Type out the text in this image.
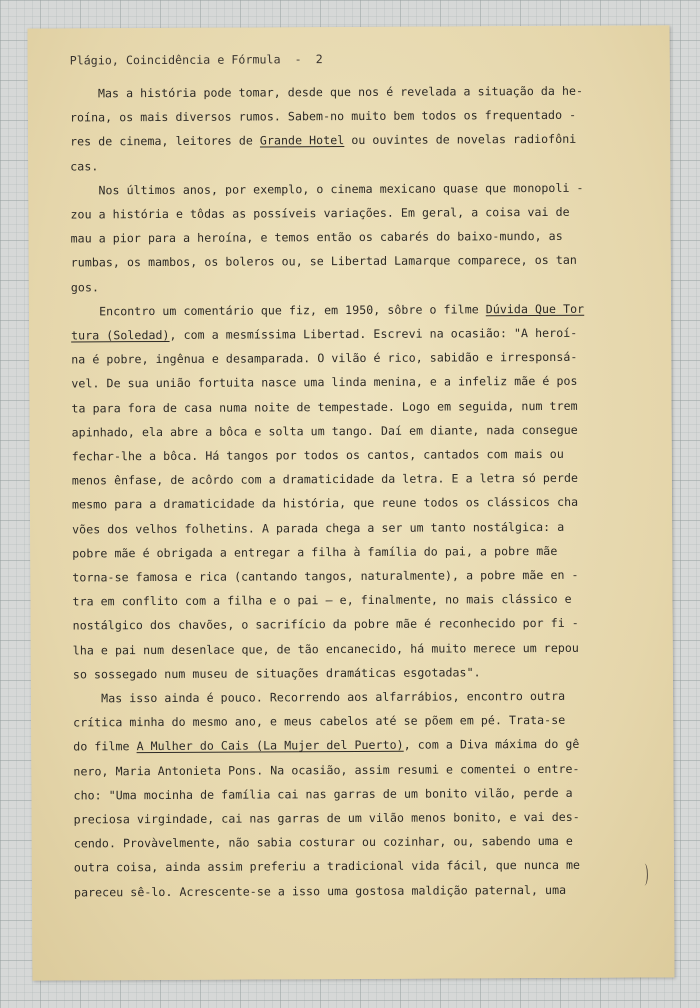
Plágio, Coincidência e Fórmula  -  2
Mas a história pode tomar, desde que nos é revelada a situação da he-
roína, os mais diversos rumos. Sabem-no muito bem todos os frequentado -
res de cinema, leitores de Grande Hotel ou ouvintes de novelas radiofôni
cas.
Nos últimos anos, por exemplo, o cinema mexicano quase que monopoli -
zou a história e tôdas as possíveis variações. Em geral, a coisa vai de
mau a pior para a heroína, e temos então os cabarés do baixo-mundo, as
rumbas, os mambos, os boleros ou, se Libertad Lamarque comparece, os tan
gos.
Encontro um comentário que fiz, em 1950, sôbre o filme Dúvida Que Tor
tura (Soledad), com a mesmíssima Libertad. Escrevi na ocasião: "A heroí-
na é pobre, ingênua e desamparada. O vilão é rico, sabidão e irresponsá-
vel. De sua união fortuita nasce uma linda menina, e a infeliz mãe é pos
ta para fora de casa numa noite de tempestade. Logo em seguida, num trem
apinhado, ela abre a bôca e solta um tango. Daí em diante, nada consegue
fechar-lhe a bôca. Há tangos por todos os cantos, cantados com mais ou
menos ênfase, de acôrdo com a dramaticidade da letra. E a letra só perde
mesmo para a dramaticidade da história, que reune todos os clássicos cha
vões dos velhos folhetins. A parada chega a ser um tanto nostálgica: a
pobre mãe é obrigada a entregar a filha à família do pai, a pobre mãe
torna-se famosa e rica (cantando tangos, naturalmente), a pobre mãe en -
tra em conflito com a filha e o pai — e, finalmente, no mais clássico e
nostálgico dos chavões, o sacrifício da pobre mãe é reconhecido por fi -
lha e pai num desenlace que, de tão encanecido, há muito merece um repou
so sossegado num museu de situações dramáticas esgotadas".
Mas isso ainda é pouco. Recorrendo aos alfarrábios, encontro outra
crítica minha do mesmo ano, e meus cabelos até se põem em pé. Trata-se
do filme A Mulher do Cais (La Mujer del Puerto), com a Diva máxima do gê
nero, Maria Antonieta Pons. Na ocasião, assim resumi e comentei o entre-
cho: "Uma mocinha de família cai nas garras de um bonito vilão, perde a
preciosa virgindade, cai nas garras de um vilão menos bonito, e vai des-
cendo. Provàvelmente, não sabia costurar ou cozinhar, ou, sabendo uma e
outra coisa, ainda assim preferiu a tradicional vida fácil, que nunca me
pareceu sê-lo. Acrescente-se a isso uma gostosa maldição paternal, uma
